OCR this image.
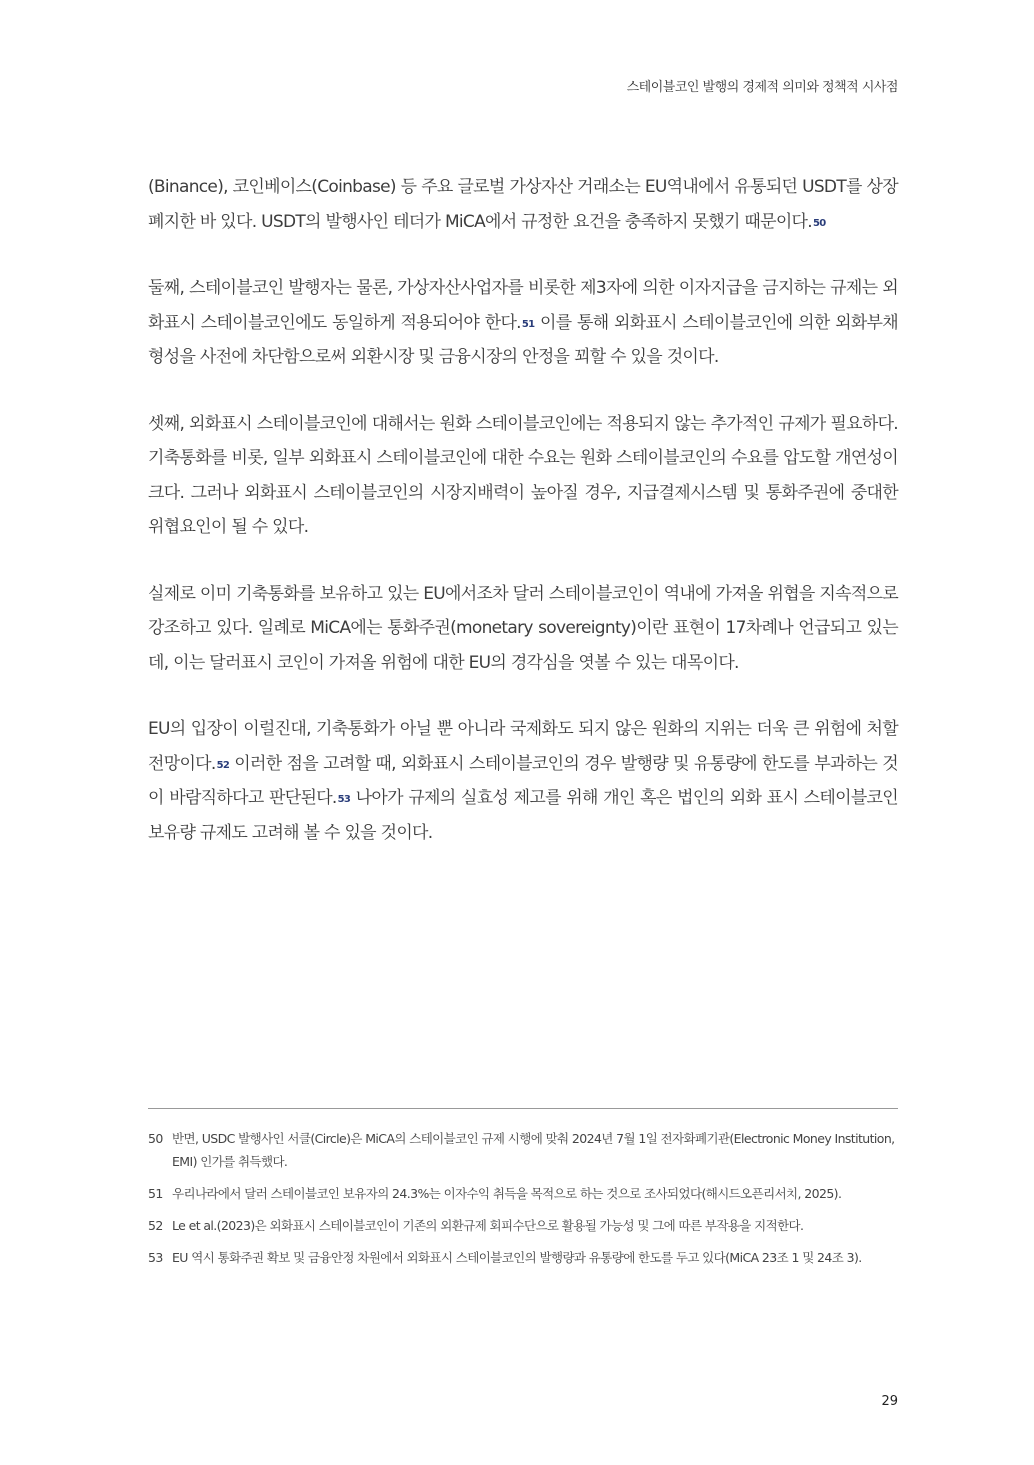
스테이블코인 발행의 경제적 의미와 정책적 시사점

(Binance), 코인베이스(Coinbase) 등 주요 글로벌 가상자산 거래소는 EU역내에서 유통되던 USDT를 상장폐지한 바 있다. USDT의 발행사인 테더가 MiCA에서 규정한 요건을 충족하지 못했기 때문이다.$^{50}$

둘째, 스테이블코인 발행자는 물론, 가상자산사업자를 비롯한 제3자에 의한 이자지급을 금지하는 규제는 외화표시 스테이블코인에도 동일하게 적용되어야 한다.$^{51}$ 이를 통해 외화표시 스테이블코인에 의한 외화부채 형성을 사전에 차단함으로써 외환시장 및 금융시장의 안정을 꾀할 수 있을 것이다.

셋째, 외화표시 스테이블코인에 대해서는 원화 스테이블코인에는 적용되지 않는 추가적인 규제가 필요하다. 기축통화를 비롯, 일부 외화표시 스테이블코인에 대한 수요는 원화 스테이블코인의 수요를 압도할 개연성이 크다. 그러나 외화표시 스테이블코인의 시장지배력이 높아질 경우, 지급결제시스템 및 통화주권에 중대한 위협요인이 될 수 있다.

실제로 이미 기축통화를 보유하고 있는 EU에서조차 달러 스테이블코인이 역내에 가져올 위협을 지속적으로 강조하고 있다. 일례로 MiCA에는 통화주권(monetary sovereignty)이란 표현이 17차례나 언급되고 있는데, 이는 달러표시 코인이 가져올 위험에 대한 EU의 경각심을 엿볼 수 있는 대목이다.

EU의 입장이 이럴진대, 기축통화가 아닐 뿐 아니라 국제화도 되지 않은 원화의 지위는 더욱 큰 위험에 처할 전망이다.$^{52}$ 이러한 점을 고려할 때, 외화표시 스테이블코인의 경우 발행량 및 유통량에 한도를 부과하는 것이 바람직하다고 판단된다.$^{53}$ 나아가 규제의 실효성 제고를 위해 개인 혹은 법인의 외화 표시 스테이블코인 보유량 규제도 고려해 볼 수 있을 것이다.

50 반면, USDC 발행사인 서클(Circle)은 MiCA의 스테이블코인 규제 시행에 맞춰 2024년 7월 1일 전자화폐기관(Electronic Money Institution, EMI) 인가를 취득했다.
51 우리나라에서 달러 스테이블코인 보유자의 24.3%는 이자수익 취득을 목적으로 하는 것으로 조사되었다(해시드오픈리서치, 2025).
52 Le et al.(2023)은 외화표시 스테이블코인이 기존의 외환규제 회피수단으로 활용될 가능성 및 그에 따른 부작용을 지적한다.
53 EU 역시 통화주권 확보 및 금융안정 차원에서 외화표시 스테이블코인의 발행량과 유통량에 한도를 두고 있다(MiCA 23조 1 및 24조 3).
29
